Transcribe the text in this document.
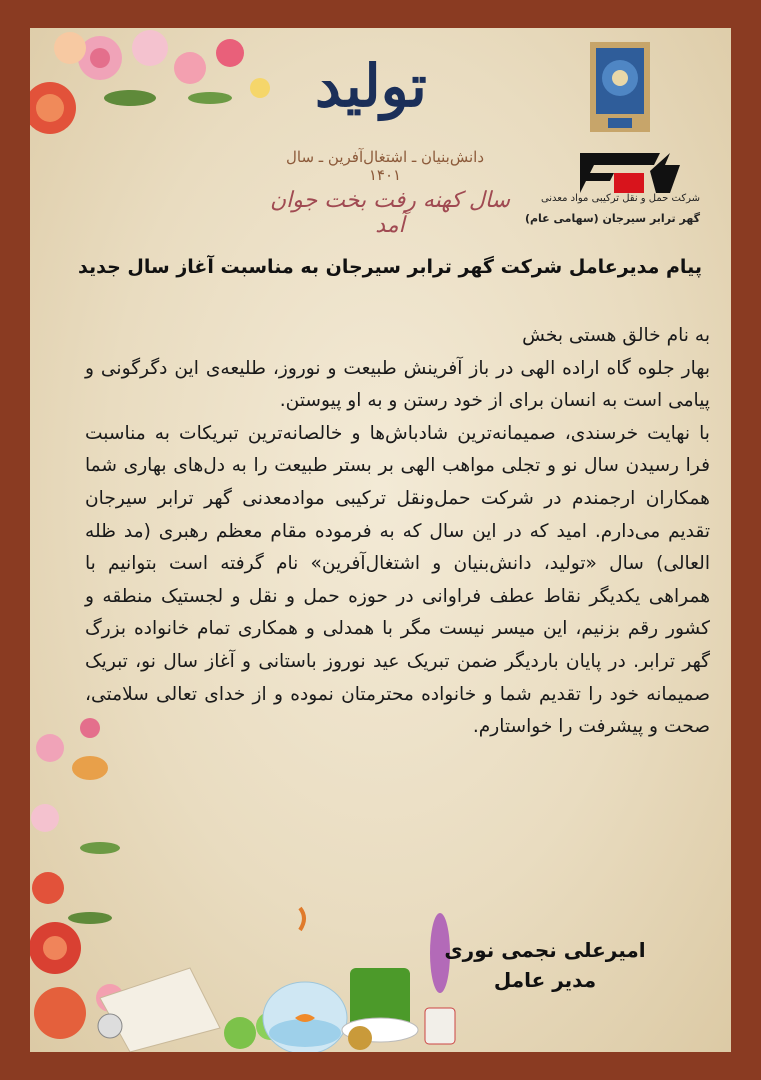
تولید
دانش‌بنیان ـ اشتغال‌آفرین ـ سال ۱۴۰۱
سال کهنه رفت بخت جوان آمد
شرکت حمل و نقل ترکیبی مواد معدنی
گهر ترابر سیرجان (سهامی عام)
پیام مدیرعامل شرکت گهر ترابر سیرجان به مناسبت آغاز سال جدید

به نام خالق هستی بخش

بهار جلوه گاه اراده الهی در باز آفرینش طبیعت و نوروز، طلیعه‌ی این دگرگونی و پیامی است به انسان برای از خود رستن و به او پیوستن.

با نهایت خرسندی، صمیمانه‌ترین شادباش‌ها و خالصانه‌ترین تبریکات به مناسبت فرا رسیدن سال نو و تجلی مواهب الهی بر بستر طبیعت را به دل‌های بهاری شما همکاران ارجمندم در شرکت حمل‌ونقل ترکیبی موادمعدنی گهر ترابر سیرجان تقدیم می‌دارم. امید که در این سال که به فرموده مقام معظم رهبری (مد ظله العالی) سال «تولید، دانش‌بنیان و اشتغال‌آفرین» نام گرفته است بتوانیم با همراهی یکدیگر نقاط عطف فراوانی در حوزه حمل و نقل و لجستیک منطقه و کشور رقم بزنیم، این میسر نیست مگر با همدلی و همکاری تمام خانواده بزرگ گهر ترابر. در پایان باردیگر ضمن تبریک عید نوروز باستانی و آغاز سال نو، تبریک صمیمانه خود را تقدیم شما و خانواده محترمتان نموده و از خدای تعالی سلامتی، صحت و پیشرفت را خواستارم.

امیرعلی نجمی نوری
مدیر عامل
